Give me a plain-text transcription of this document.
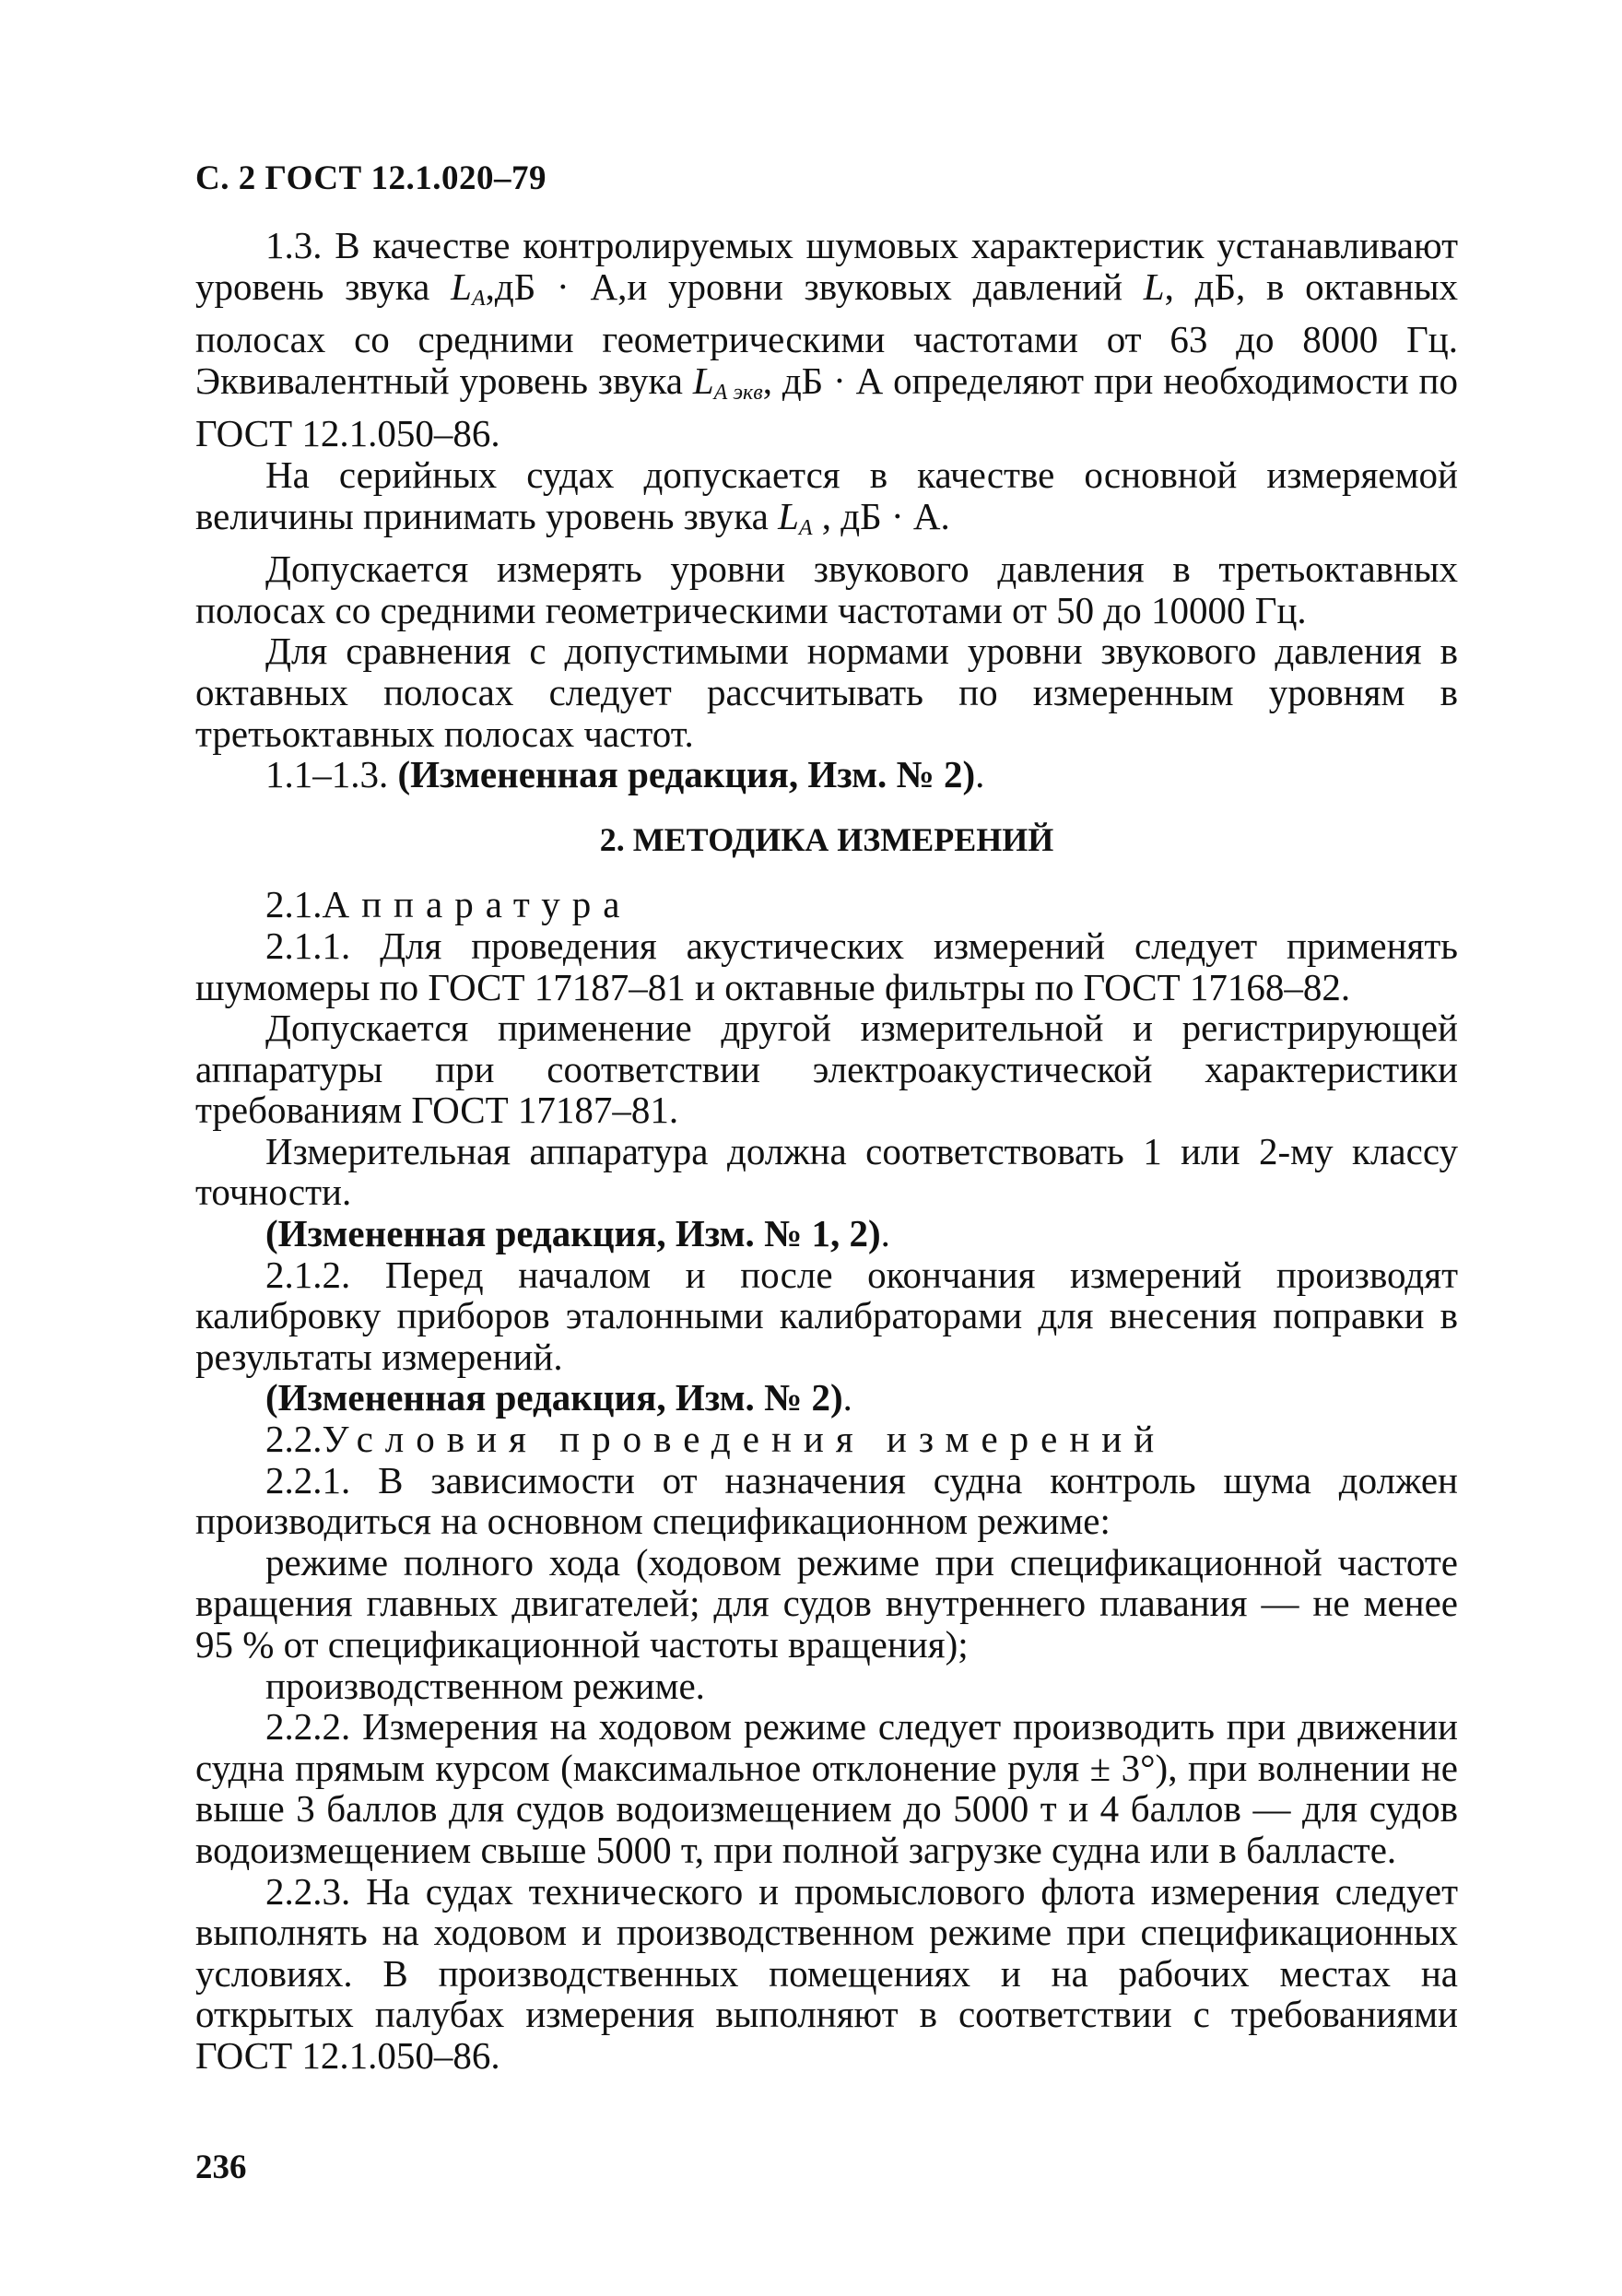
С. 2 ГОСТ 12.1.020–79

1.3. В качестве контролируемых шумовых характеристик устанавливают уровень звука $L_A,дБ \cdot А,и$ уровни звуковых давлений L, дБ, в октавных полосах со средними геометрическими частотами от 63 до 8000 Гц. Эквивалентный уровень звука $L_{A экв}$, дБ · А определяют при необходимости по ГОСТ 12.1.050–86.

На серийных судах допускается в качестве основной измеряемой величины принимать уровень звука $L_A$ , дБ · А.

Допускается измерять уровни звукового давления в третьоктавных полосах со средними геометрическими частотами от 50 до 10000 Гц.

Для сравнения с допустимыми нормами уровни звукового давления в октавных полосах следует рассчитывать по измеренным уровням в третьоктавных полосах частот.

1.1–1.3. (Измененная редакция, Изм. № 2).

2. МЕТОДИКА ИЗМЕРЕНИЙ

2.1.Аппаратура

2.1.1. Для проведения акустических измерений следует применять шумомеры по ГОСТ 17187–81 и октавные фильтры по ГОСТ 17168–82.

Допускается применение другой измерительной и регистрирующей аппаратуры при соответствии электроакустической характеристики требованиям ГОСТ 17187–81.

Измерительная аппаратура должна соответствовать 1 или 2-му классу точности.

(Измененная редакция, Изм. № 1, 2).

2.1.2. Перед началом и после окончания измерений производят калибровку приборов эталонными калибраторами для внесения поправки в результаты измерений.

(Измененная редакция, Изм. № 2).

2.2.Условия проведения измерений

2.2.1. В зависимости от назначения судна контроль шума должен производиться на основном спецификационном режиме:

режиме полного хода (ходовом режиме при спецификационной частоте вращения главных двигателей; для судов внутреннего плавания — не менее 95 % от спецификационной частоты вращения);

производственном режиме.

2.2.2. Измерения на ходовом режиме следует производить при движении судна прямым курсом (максимальное отклонение руля ± 3°), при волнении не выше 3 баллов для судов водоизмещением до 5000 т и 4 баллов — для судов водоизмещением свыше 5000 т, при полной загрузке судна или в балласте.

2.2.3. На судах технического и промыслового флота измерения следует выполнять на ходовом и производственном режиме при спецификационных условиях. В производственных помещениях и на рабочих местах на открытых палубах измерения выполняют в соответствии с требованиями ГОСТ 12.1.050–86.

236
